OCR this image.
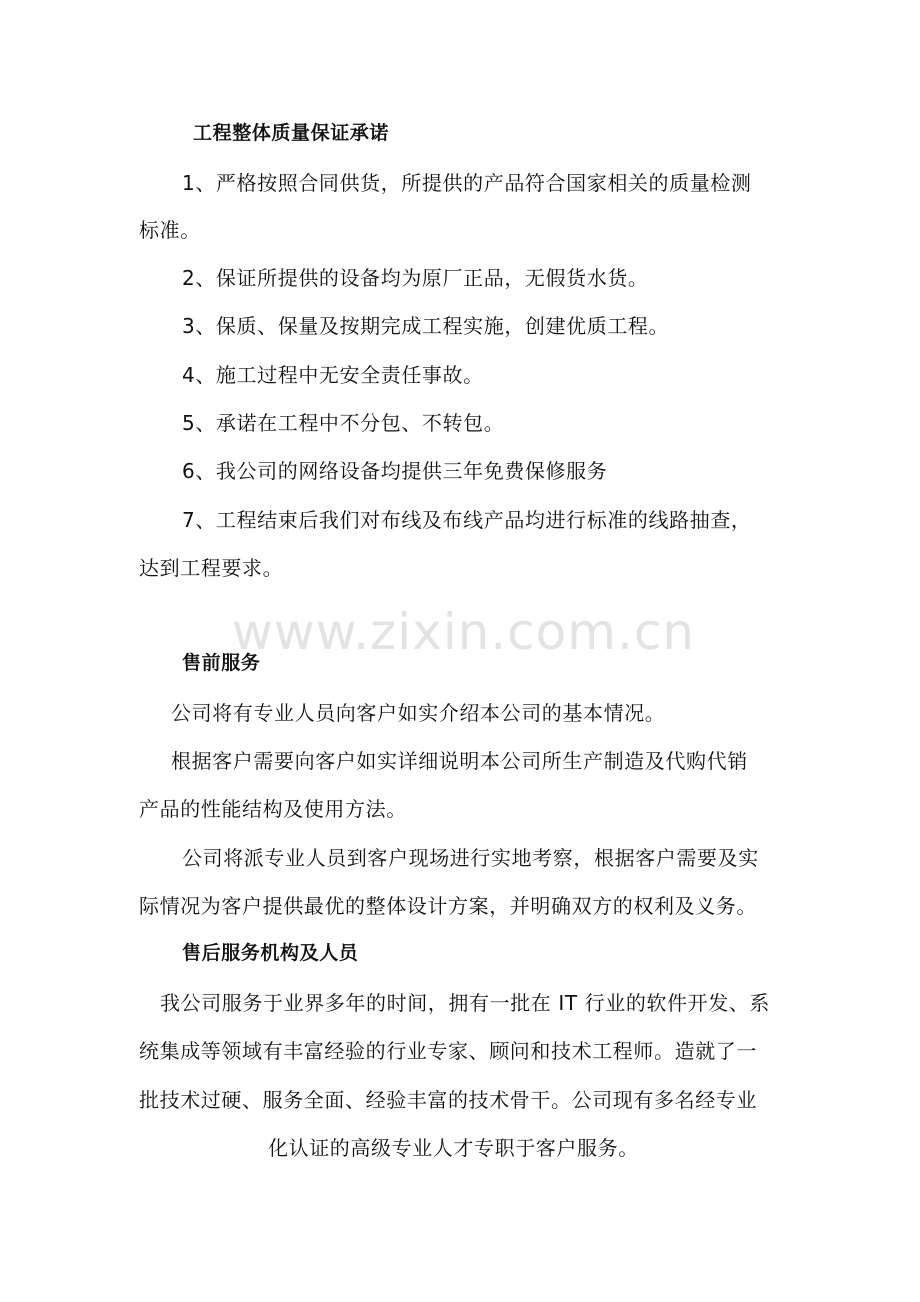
www.zixin.com.cn
工程整体质量保证承诺
1、严格按照合同供货，所提供的产品符合国家相关的质量检测
标准。
2、保证所提供的设备均为原厂正品，无假货水货。
3、保质、保量及按期完成工程实施，创建优质工程。
4、施工过程中无安全责任事故。
5、承诺在工程中不分包、不转包。
6、我公司的网络设备均提供三年免费保修服务
7、工程结束后我们对布线及布线产品均进行标准的线路抽查，
达到工程要求。
售前服务
公司将有专业人员向客户如实介绍本公司的基本情况。
根据客户需要向客户如实详细说明本公司所生产制造及代购代销
产品的性能结构及使用方法。
公司将派专业人员到客户现场进行实地考察，根据客户需要及实
际情况为客户提供最优的整体设计方案，并明确双方的权利及义务。
售后服务机构及人员
我公司服务于业界多年的时间，拥有一批在 IT 行业的软件开发、系
统集成等领域有丰富经验的行业专家、顾问和技术工程师。造就了一
批技术过硬、服务全面、经验丰富的技术骨干。公司现有多名经专业
化认证的高级专业人才专职于客户服务。
